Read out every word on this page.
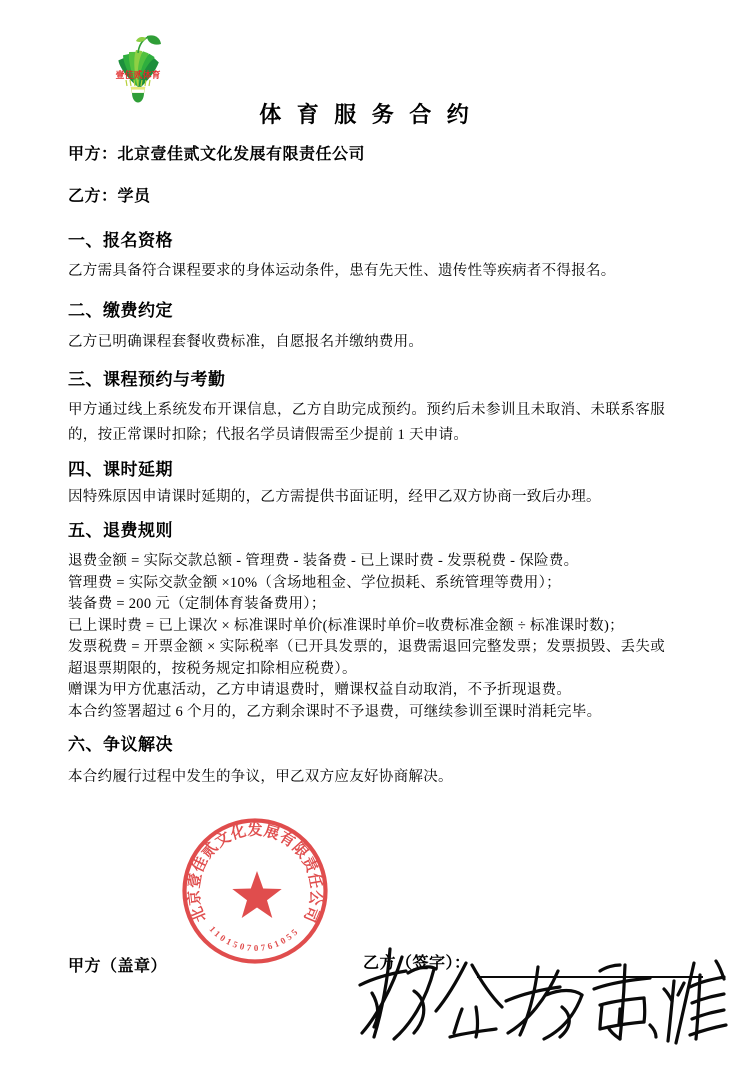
壹佳贰体育
体 育 服 务 合 约

甲方：北京壹佳贰文化发展有限责任公司

乙方：学员

一、报名资格

乙方需具备符合课程要求的身体运动条件，患有先天性、遗传性等疾病者不得报名。

二、缴费约定

乙方已明确课程套餐收费标准，自愿报名并缴纳费用。

三、课程预约与考勤

甲方通过线上系统发布开课信息，乙方自助完成预约。预约后未参训且未取消、未联系客服的，按正常课时扣除；代报名学员请假需至少提前 1 天申请。

四、课时延期

因特殊原因申请课时延期的，乙方需提供书面证明，经甲乙双方协商一致后办理。

五、退费规则

退费金额 = 实际交款总额 - 管理费 - 装备费 - 已上课时费 - 发票税费 - 保险费。

管理费 = 实际交款金额 ×10%（含场地租金、学位损耗、系统管理等费用）；

装备费 = 200 元（定制体育装备费用）；

已上课时费 = 已上课次 × 标准课时单价(标准课时单价=收费标准金额 ÷ 标准课时数)；

发票税费 = 开票金额 × 实际税率（已开具发票的，退费需退回完整发票；发票损毁、丢失或超退票期限的，按税务规定扣除相应税费）。

赠课为甲方优惠活动，乙方申请退费时，赠课权益自动取消，不予折现退费。

本合约签署超过 6 个月的，乙方剩余课时不予退费，可继续参训至课时消耗完毕。

六、争议解决

本合约履行过程中发生的争议，甲乙双方应友好协商解决。

北京壹佳贰文化发展有限责任公司
11015070761055
甲方（盖章）	乙方（签字）：
